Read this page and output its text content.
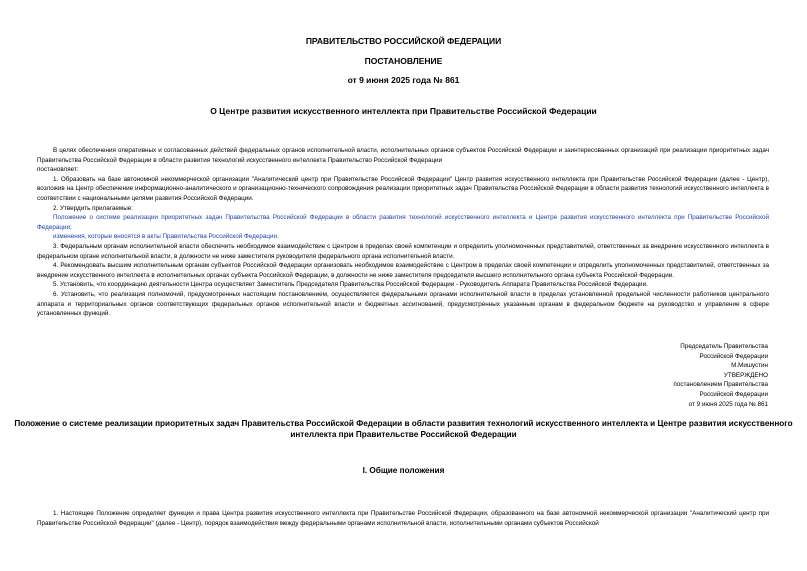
ПРАВИТЕЛЬСТВО РОССИЙСКОЙ ФЕДЕРАЦИИ
ПОСТАНОВЛЕНИЕ
от 9 июня 2025 года № 861
О Центре развития искусственного интеллекта при Правительстве Российской Федерации

В целях обеспечения оперативных и согласованных действий федеральных органов исполнительной власти, исполнительных органов субъектов Российской Федерации и заинтересованных организаций при реализации приоритетных задач Правительства Российской Федерации в области развития технологий искусственного интеллекта Правительство Российской Федерации

постановляет:

1. Образовать на базе автономной некоммерческой организации "Аналитический центр при Правительстве Российской Федерации" Центр развития искусственного интеллекта при Правительстве Российской Федерации (далее - Центр), возложив на Центр обеспечение информационно-аналитического и организационно-технического сопровождения реализации приоритетных задач Правительства Российской Федерации в области развития технологий искусственного интеллекта в соответствии с национальными целями развития Российской Федерации.

2. Утвердить прилагаемые:

Положение о системе реализации приоритетных задач Правительства Российской Федерации в области развития технологий искусственного интеллекта и Центре развития искусственного интеллекта при Правительстве Российской Федерации;

изменения, которые вносятся в акты Правительства Российской Федерации.

3. Федеральным органам исполнительной власти обеспечить необходимое взаимодействие с Центром в пределах своей компетенции и определить уполномоченных представителей, ответственных за внедрение искусственного интеллекта в федеральном органе исполнительной власти, в должности не ниже заместителя руководителя федерального органа исполнительной власти.

4. Рекомендовать высшим исполнительным органам субъектов Российской Федерации организовать необходимое взаимодействие с Центром в пределах своей компетенции и определить уполномоченных представителей, ответственных за внедрение искусственного интеллекта в исполнительных органах субъекта Российской Федерации, в должности не ниже заместителя председателя высшего исполнительного органа субъекта Российской Федерации.

5. Установить, что координацию деятельности Центра осуществляет Заместитель Председателя Правительства Российской Федерации - Руководитель Аппарата Правительства Российской Федерации.

6. Установить, что реализация полномочий, предусмотренных настоящим постановлением, осуществляется федеральными органами исполнительной власти в пределах установленной предельной численности работников центрального аппарата и территориальных органов соответствующих федеральных органов исполнительной власти и бюджетных ассигнований, предусмотренных указанным органам в федеральном бюджете на руководство и управление в сфере установленных функций.

Председатель Правительства
Российской Федерации
М.Мишустин
УТВЕРЖДЕНО
постановлением Правительства
Российской Федерации
от 9 июня 2025 года № 861
Положение о системе реализации приоритетных задач Правительства Российской Федерации в области развития технологий искусственного интеллекта и Центре развития искусственного интеллекта при Правительстве Российской Федерации
I. Общие положения

1. Настоящее Положение определяет функции и права Центра развития искусственного интеллекта при Правительстве Российской Федерации, образованного на базе автономной некоммерческой организации "Аналитический центр при Правительстве Российской Федерации" (далее - Центр), порядок взаимодействия между федеральными органами исполнительной власти, исполнительными органами субъектов Российской
